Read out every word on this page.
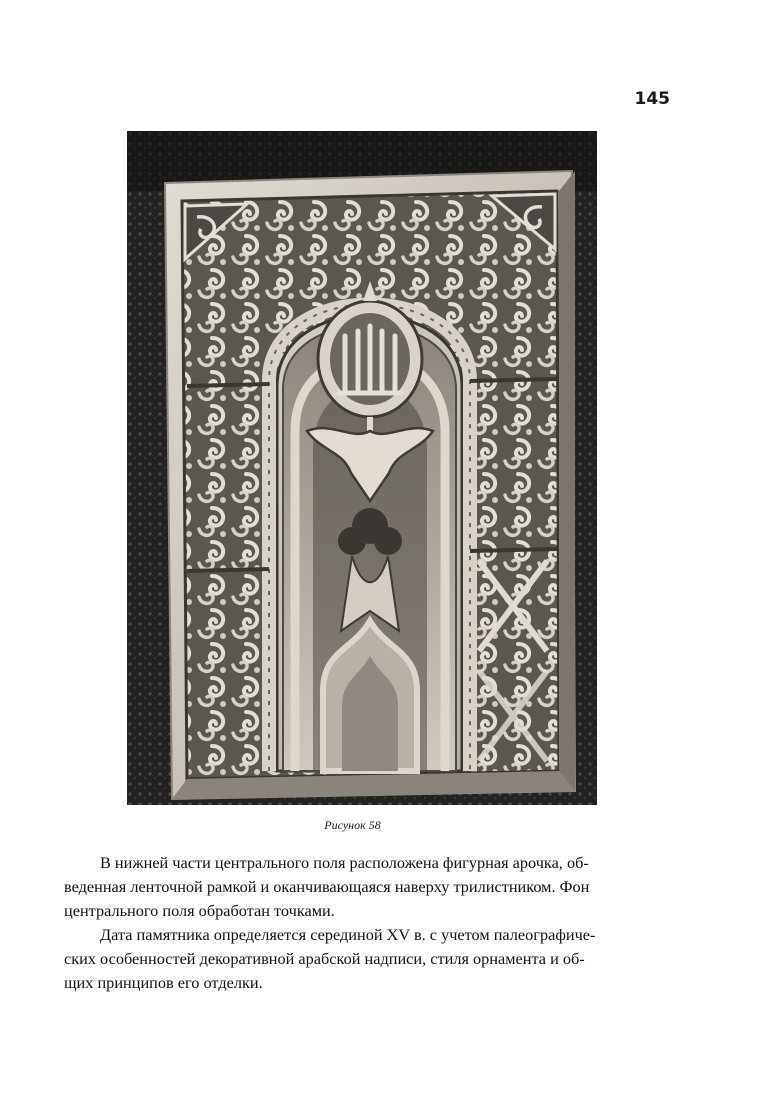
145
Рисунок 58

В нижней части центрального поля расположена фигурная арочка, об-
веденная ленточной рамкой и оканчивающаяся наверху трилистником. Фон
центрального поля обработан точками.

Дата памятника определяется серединой XV в. с учетом палеографиче-
ских особенностей декоративной арабской надписи, стиля орнамента и об-
щих принципов его отделки.
